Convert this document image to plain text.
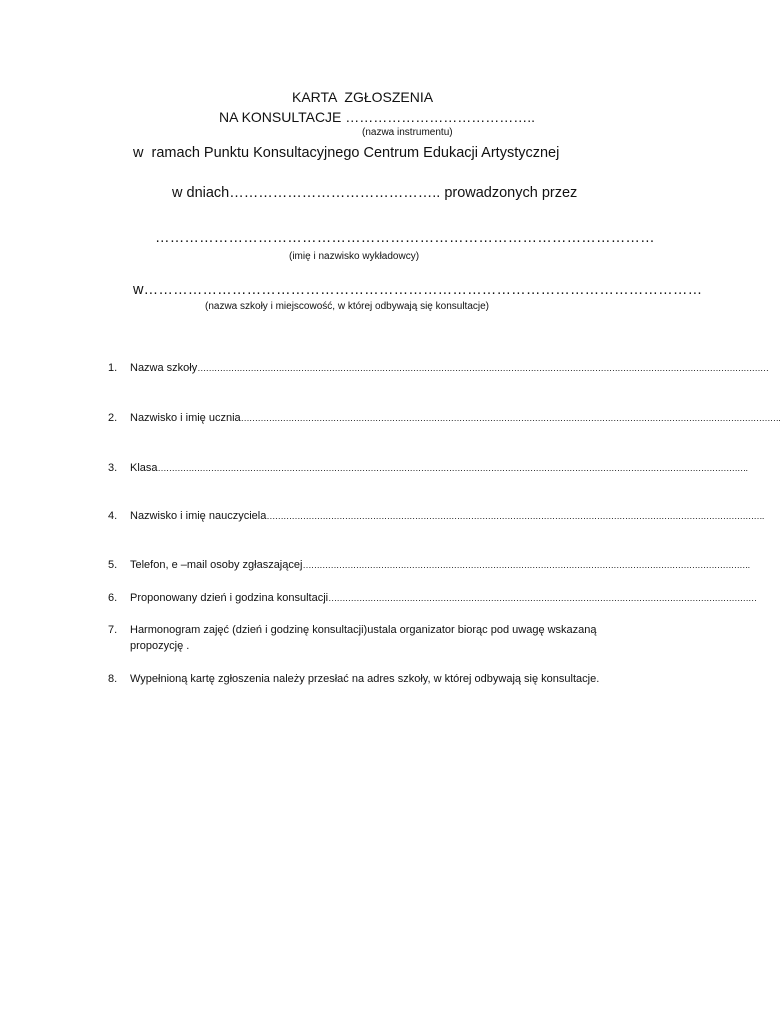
KARTA  ZGŁOSZENIA
NA KONSULTACJE …………………………………..
(nazwa instrumentu)
w  ramach Punktu Konsultacyjnego Centrum Edukacji Artystycznej
w dniach…………………………………….. prowadzonych przez
…………………………………………………………………………………………
(imię i nazwisko wykładowcy)
w……………………………………………………………………………………………………
(nazwa szkoły i miejscowość, w której odbywają się konsultacje)
1. Nazwa szkoły ……………………………………………………………………………………………………………………………………………………………………………………
2. Nazwisko i imię ucznia ………………………………………………………………………………………………………………………………………………………………………….
3. Klasa ………………………………………………………………………………………………………………………………………………………………………………………….
4. Nazwisko i imię nauczyciela …………………………………………………………………………………………………………………………………………………………….
5. Telefon, e –mail osoby zgłaszającej …………………………………………………………………………………………………………………………………………….
6. Proponowany dzień i godzina konsultacji ………………………………………………………………………………………………………………………………………
7. Harmonogram zajęć (dzień i godzinę konsultacji)ustala organizator biorąc pod uwagę wskazaną propozycję .
8. Wypełnioną kartę zgłoszenia należy przesłać na adres szkoły, w której odbywają się konsultacje.
